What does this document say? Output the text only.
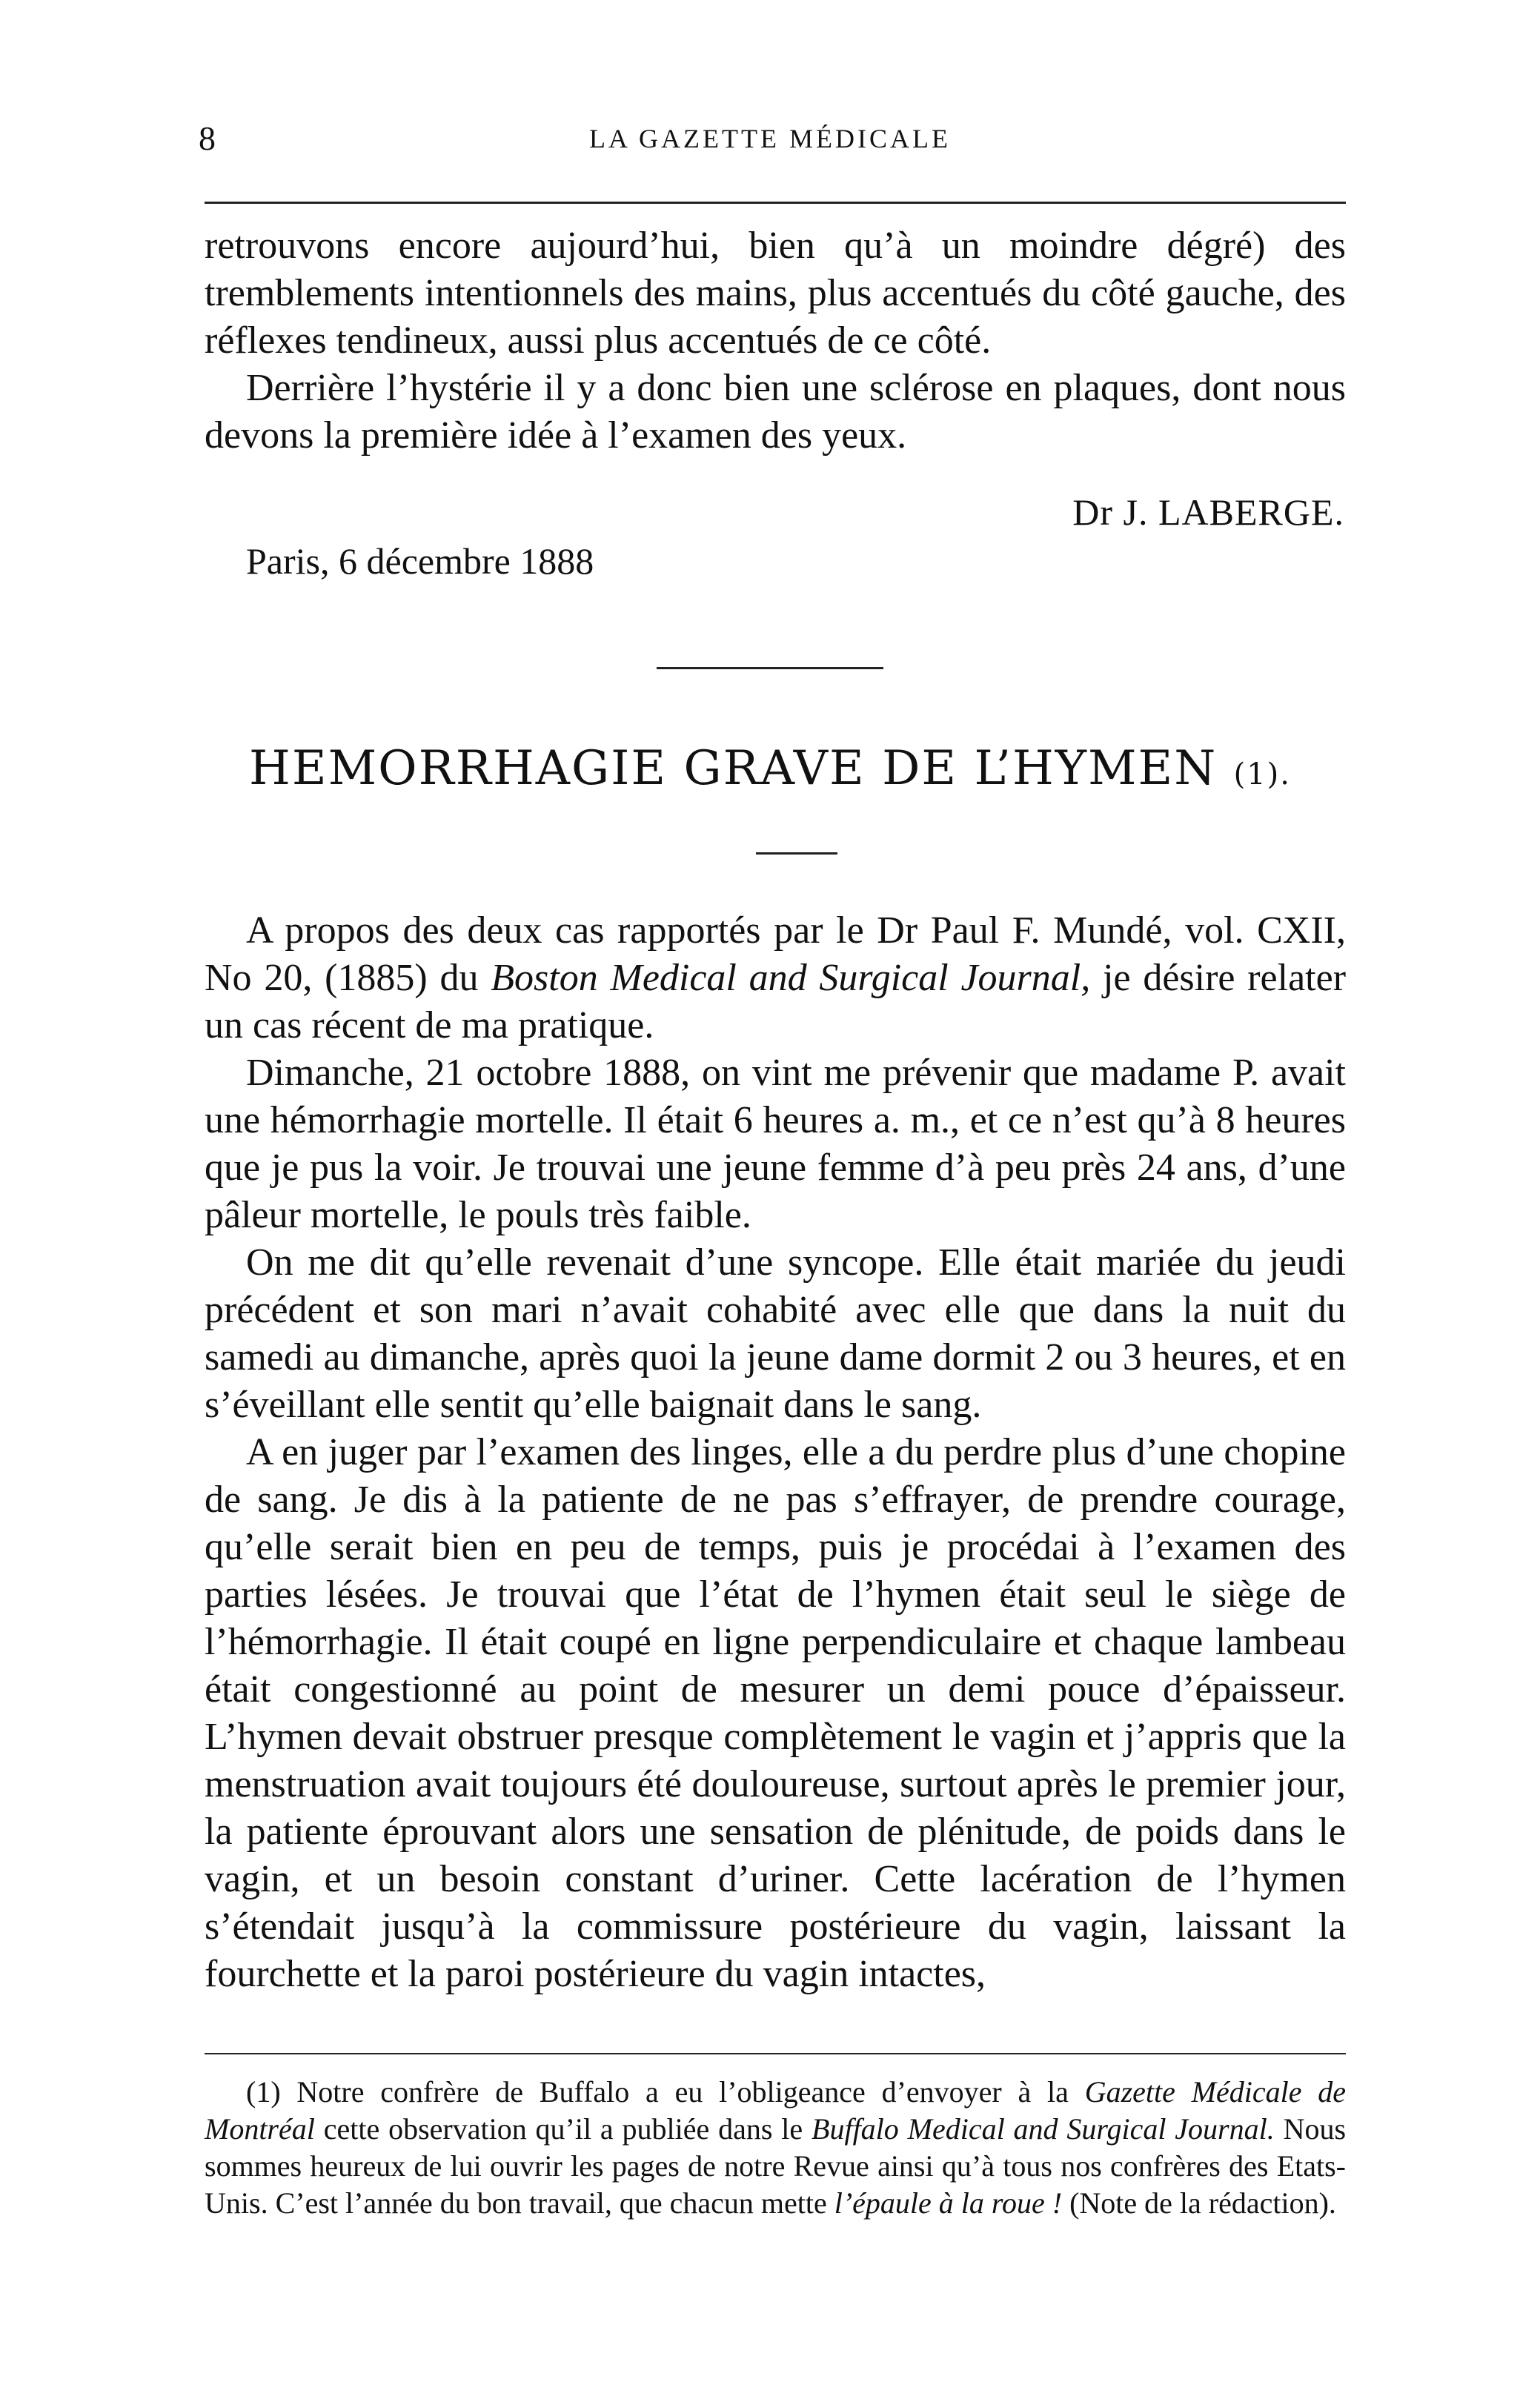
8	LA GAZETTE MÉDICALE

retrouvons encore aujourd’hui, bien qu’à un moindre dégré) des tremblements intentionnels des mains, plus accentués du côté gauche, des réflexes tendineux, aussi plus accentués de ce côté.

Derrière l’hystérie il y a donc bien une sclérose en plaques, dont nous devons la première idée à l’examen des yeux.

Dr J. LABERGE.
Paris, 6 décembre 1888
HEMORRHAGIE GRAVE DE L’HYMEN (1).

A propos des deux cas rapportés par le Dr Paul F. Mundé, vol. CXII, No 20, (1885) du Boston Medical and Surgical Journal, je désire relater un cas récent de ma pratique.

Dimanche, 21 octobre 1888, on vint me prévenir que madame P. avait une hémorrhagie mortelle. Il était 6 heures a. m., et ce n’est qu’à 8 heures que je pus la voir. Je trouvai une jeune femme d’à peu près 24 ans, d’une pâleur mortelle, le pouls très faible.

On me dit qu’elle revenait d’une syncope. Elle était mariée du jeudi précédent et son mari n’avait cohabité avec elle que dans la nuit du samedi au dimanche, après quoi la jeune dame dormit 2 ou 3 heures, et en s’éveillant elle sentit qu’elle baignait dans le sang.

A en juger par l’examen des linges, elle a du perdre plus d’une chopine de sang. Je dis à la patiente de ne pas s’effrayer, de prendre courage, qu’elle serait bien en peu de temps, puis je procédai à l’examen des parties lésées. Je trouvai que l’état de l’hymen était seul le siège de l’hémorrhagie. Il était coupé en ligne perpendiculaire et chaque lambeau était congestionné au point de mesurer un demi pouce d’épaisseur. L’hymen devait obstruer presque complètement le vagin et j’appris que la menstruation avait toujours été douloureuse, surtout après le premier jour, la patiente éprouvant alors une sensation de plénitude, de poids dans le vagin, et un besoin constant d’uriner. Cette lacération de l’hymen s’étendait jusqu’à la commissure postérieure du vagin, laissant la fourchette et la paroi postérieure du vagin intactes,

(1) Notre confrère de Buffalo a eu l’obligeance d’envoyer à la Gazette Médicale de Montréal cette observation qu’il a publiée dans le Buffalo Medical and Surgical Journal. Nous sommes heureux de lui ouvrir les pages de notre Revue ainsi qu’à tous nos confrères des Etats-Unis. C’est l’année du bon travail, que chacun mette l’épaule à la roue ! (Note de la rédaction).
